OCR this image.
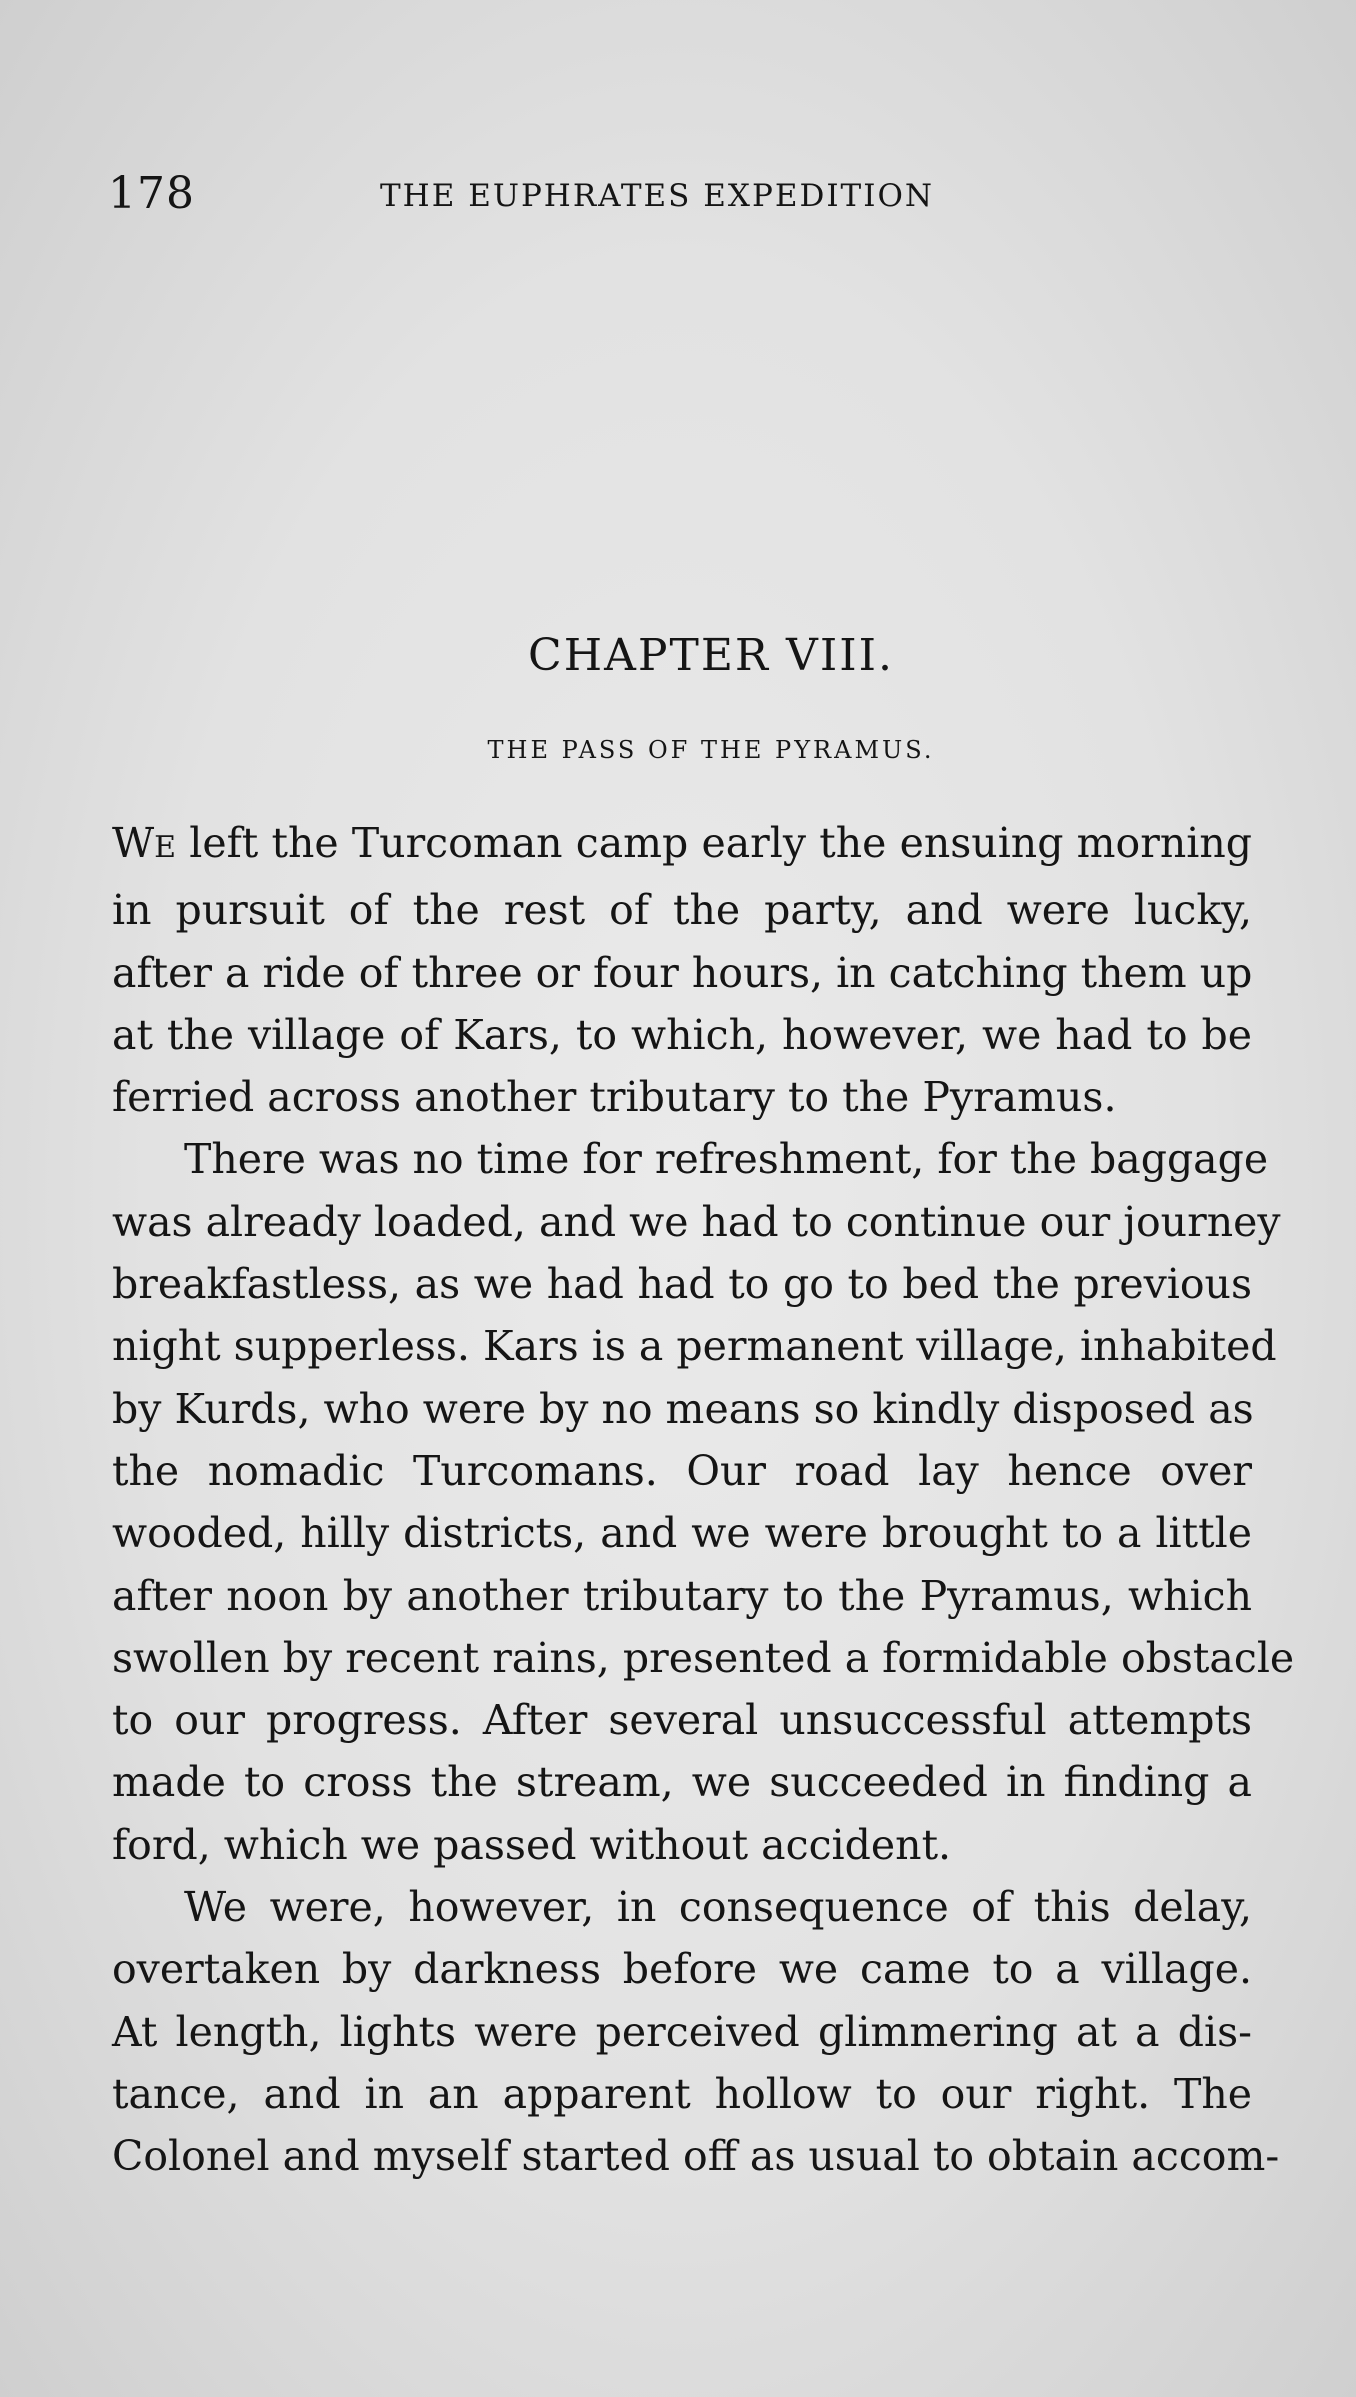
178	THE EUPHRATES EXPEDITION
CHAPTER VIII.
THE PASS OF THE PYRAMUS.

WE left the Turcoman camp early the ensuing morning
in pursuit of the rest of the party, and were lucky,
after a ride of three or four hours, in catching them up
at the village of Kars, to which, however, we had to be
ferried across another tributary to the Pyramus.

There was no time for refreshment, for the baggage
was already loaded, and we had to continue our journey
breakfastless, as we had had to go to bed the previous
night supperless. Kars is a permanent village, inhabited
by Kurds, who were by no means so kindly disposed as
the nomadic Turcomans. Our road lay hence over
wooded, hilly districts, and we were brought to a little
after noon by another tributary to the Pyramus, which
swollen by recent rains, presented a formidable obstacle
to our progress. After several unsuccessful attempts
made to cross the stream, we succeeded in finding a
ford, which we passed without accident.

We were, however, in consequence of this delay,
overtaken by darkness before we came to a village.
At length, lights were perceived glimmering at a dis-
tance, and in an apparent hollow to our right. The
Colonel and myself started off as usual to obtain accom-
